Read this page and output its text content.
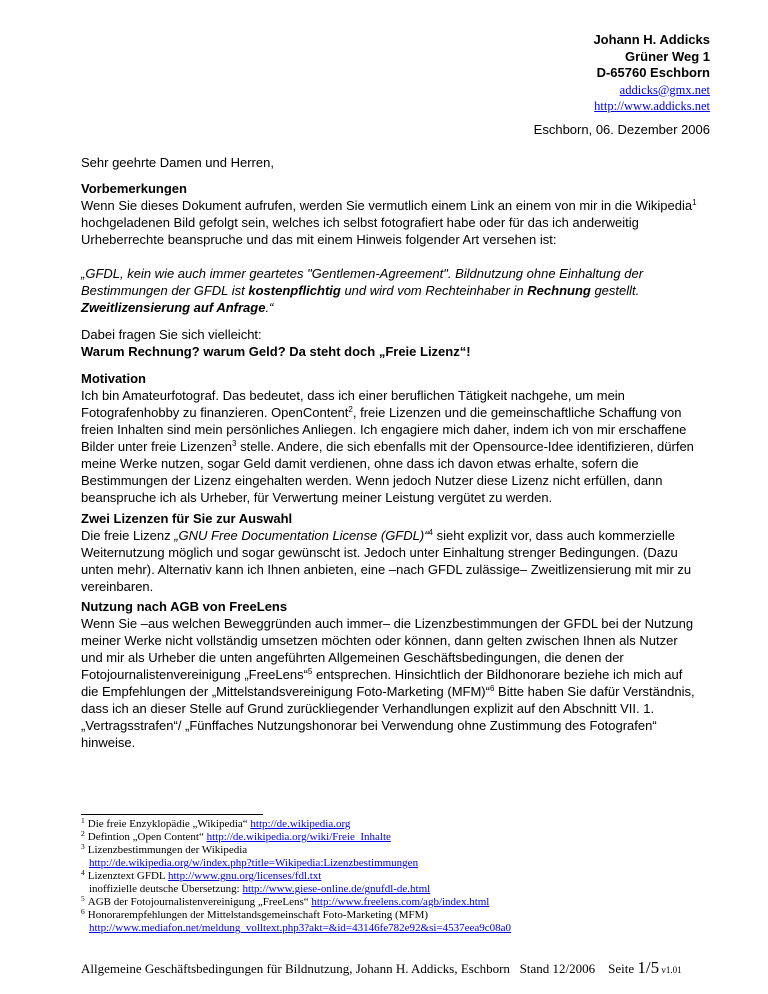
Johann H. Addicks
Grüner Weg 1
D-65760 Eschborn
addicks@gmx.net
http://www.addicks.net
Eschborn, 06. Dezember 2006
Sehr geehrte Damen und Herren,

Vorbemerkungen

Wenn Sie dieses Dokument aufrufen, werden Sie vermutlich einem Link an einem von mir in die Wikipedia$^1$ hochgeladenen Bild gefolgt sein, welches ich selbst fotografiert habe oder für das ich anderweitig Urheberrechte beanspruche und das mit einem Hinweis folgender Art versehen ist:

„GFDL, kein wie auch immer geartetes "Gentlemen-Agreement". Bildnutzung ohne Einhaltung der Bestimmungen der GFDL ist kostenpflichtig und wird vom Rechteinhaber in Rechnung gestellt. Zweitlizensierung auf Anfrage.“

Dabei fragen Sie sich vielleicht:

Warum Rechnung? warum Geld? Da steht doch „Freie Lizenz“!

Motivation

Ich bin Amateurfotograf. Das bedeutet, dass ich einer beruflichen Tätigkeit nachgehe, um mein Fotografenhobby zu finanzieren. OpenContent$^2$, freie Lizenzen und die gemeinschaftliche Schaffung von freien Inhalten sind mein persönliches Anliegen. Ich engagiere mich daher, indem ich von mir erschaffene Bilder unter freie Lizenzen$^3$ stelle. Andere, die sich ebenfalls mit der Opensource-Idee identifizieren, dürfen meine Werke nutzen, sogar Geld damit verdienen, ohne dass ich davon etwas erhalte, sofern die Bestimmungen der Lizenz eingehalten werden. Wenn jedoch Nutzer diese Lizenz nicht erfüllen, dann beanspruche ich als Urheber, für Verwertung meiner Leistung vergütet zu werden.

Zwei Lizenzen für Sie zur Auswahl

Die freie Lizenz „GNU Free Documentation License (GFDL)“$^4$ sieht explizit vor, dass auch kommerzielle Weiternutzung möglich und sogar gewünscht ist. Jedoch unter Einhaltung strenger Bedingungen. (Dazu unten mehr). Alternativ kann ich Ihnen anbieten, eine –nach GFDL zulässige– Zweitlizensierung mit mir zu vereinbaren.

Nutzung nach AGB von FreeLens

Wenn Sie –aus welchen Beweggründen auch immer– die Lizenzbestimmungen der GFDL bei der Nutzung meiner Werke nicht vollständig umsetzen möchten oder können, dann gelten zwischen Ihnen als Nutzer und mir als Urheber die unten angeführten Allgemeinen Geschäftsbedingungen, die denen der Fotojournalistenvereinigung „FreeLens“$^5$ entsprechen. Hinsichtlich der Bildhonorare beziehe ich mich auf die Empfehlungen der „Mittelstandsvereinigung Foto-Marketing (MFM)“$^6$ Bitte haben Sie dafür Verständnis, dass ich an dieser Stelle auf Grund zurückliegender Verhandlungen explizit auf den Abschnitt VII. 1. „Vertragsstrafen“/ „Fünffaches Nutzungshonorar bei Verwendung ohne Zustimmung des Fotografen“ hinweise.

$^1$ Die freie Enzyklopädie „Wikipedia“ http://de.wikipedia.org
$^2$ Defintion „Open Content“ http://de.wikipedia.org/wiki/Freie_Inhalte
$^3$ Lizenzbestimmungen der Wikipedia
http://de.wikipedia.org/w/index.php?title=Wikipedia:Lizenzbestimmungen
$^4$ Lizenztext GFDL http://www.gnu.org/licenses/fdl.txt
inoffizielle deutsche Übersetzung: http://www.giese-online.de/gnufdl-de.html
$^5$ AGB der Fotojournalistenvereinigung „FreeLens“ http://www.freelens.com/agb/index.html
$^6$ Honorarempfehlungen der Mittelstandsgemeinschaft Foto-Marketing (MFM)
http://www.mediafon.net/meldung_volltext.php3?akt=&id=43146fe782e92&si=4537eea9c08a0
Allgemeine Geschäftsbedingungen für Bildnutzung, Johann H. Addicks, Eschborn   Stand 12/2006    Seite 1/5 v1.01
